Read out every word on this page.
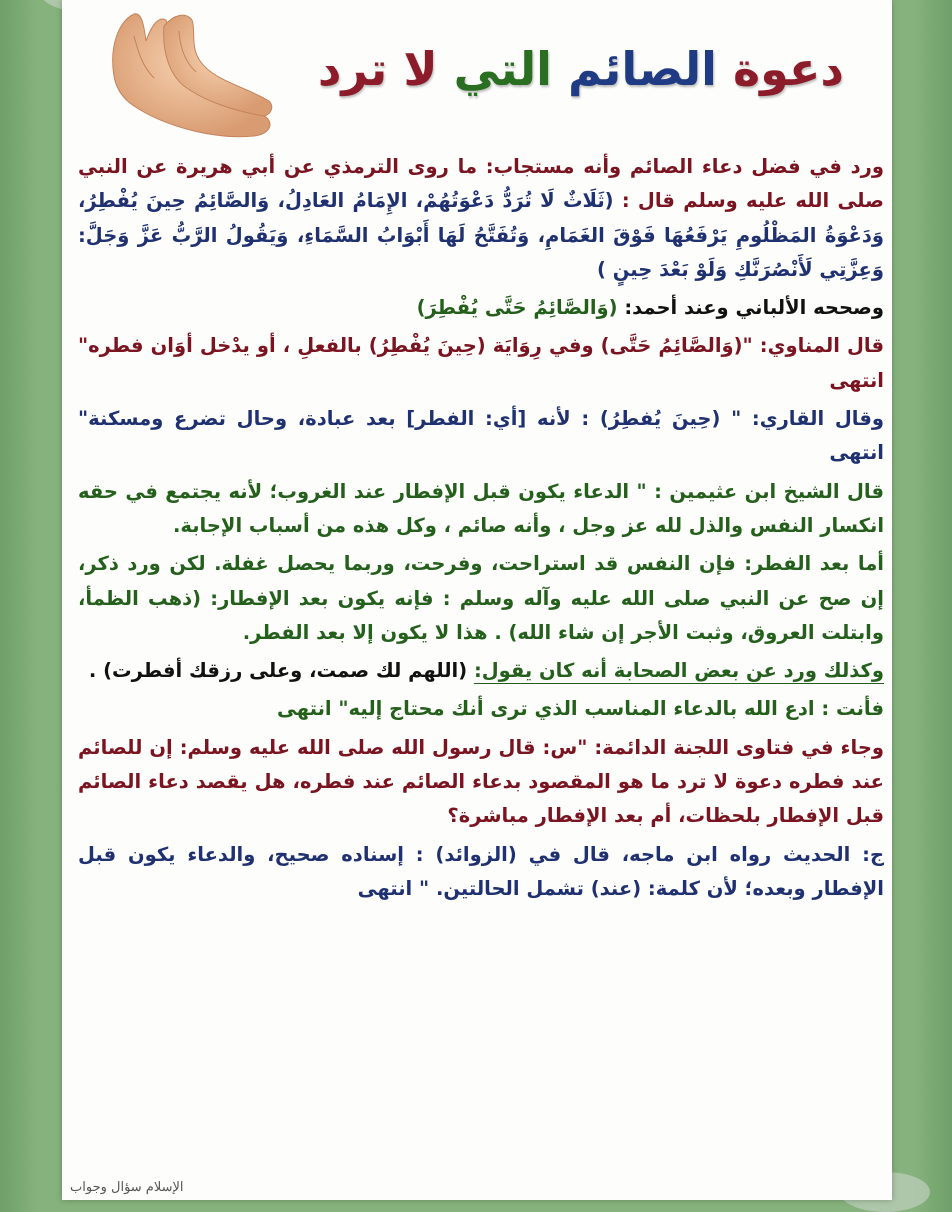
دعوة الصائم التي لا ترد

ورد في فضل دعاء الصائم وأنه مستجاب: ما روى الترمذي عن أبي هريرة عن النبي صلى الله عليه وسلم قال : (ثَلَاثٌ لَا تُرَدُّ دَعْوَتُهُمْ، الإِمَامُ العَادِلُ، وَالصَّائِمُ حِينَ يُفْطِرُ، وَدَعْوَةُ المَظْلُومِ يَرْفَعُهَا فَوْقَ الغَمَامِ، وَتُفَتَّحُ لَهَا أَبْوَابُ السَّمَاءِ، وَيَقُولُ الرَّبُّ عَزَّ وَجَلَّ: وَعِزَّتِي لَأَنْصُرَنَّكِ وَلَوْ بَعْدَ حِينٍ )

وصححه الألباني وعند أحمد: (وَالصَّائِمُ حَتَّى يُفْطِرَ)

قال المناوي: "(وَالصَّائِمُ حَتَّى) وفي رِوَايَة (حِينَ يُفْطِرُ) بالفعلِ ، أو يدْخل أوَان فطره" انتهى

وقال القاري: " (حِينَ يُفطِرُ) : لأنه [أي: الفطر] بعد عبادة، وحال تضرع ومسكنة" انتهى

قال الشيخ ابن عثيمين : " الدعاء يكون قبل الإفطار عند الغروب؛ لأنه يجتمع في حقه انكسار النفس والذل لله عز وجل ، وأنه صائم ، وكل هذه من أسباب الإجابة.

أما بعد الفطر: فإن النفس قد استراحت، وفرحت، وربما يحصل غفلة. لكن ورد ذكر، إن صح عن النبي صلى الله عليه وآله وسلم : فإنه يكون بعد الإفطار: (ذهب الظمأ، وابتلت العروق، وثبت الأجر إن شاء الله) . هذا لا يكون إلا بعد الفطر.

وكذلك ورد عن بعض الصحابة أنه كان يقول: (اللهم لك صمت، وعلى رزقك أفطرت) .

فأنت : ادع الله بالدعاء المناسب الذي ترى أنك محتاج إليه" انتهى

وجاء في فتاوى اللجنة الدائمة: "س: قال رسول الله صلى الله عليه وسلم: إن للصائم عند فطره دعوة لا ترد ما هو المقصود بدعاء الصائم عند فطره، هل يقصد دعاء الصائم قبل الإفطار بلحظات، أم بعد الإفطار مباشرة؟

ج: الحديث رواه ابن ماجه، قال في (الزوائد) : إسناده صحيح، والدعاء يكون قبل الإفطار وبعده؛ لأن كلمة: (عند) تشمل الحالتين. " انتهى

الإسلام سؤال وجواب
